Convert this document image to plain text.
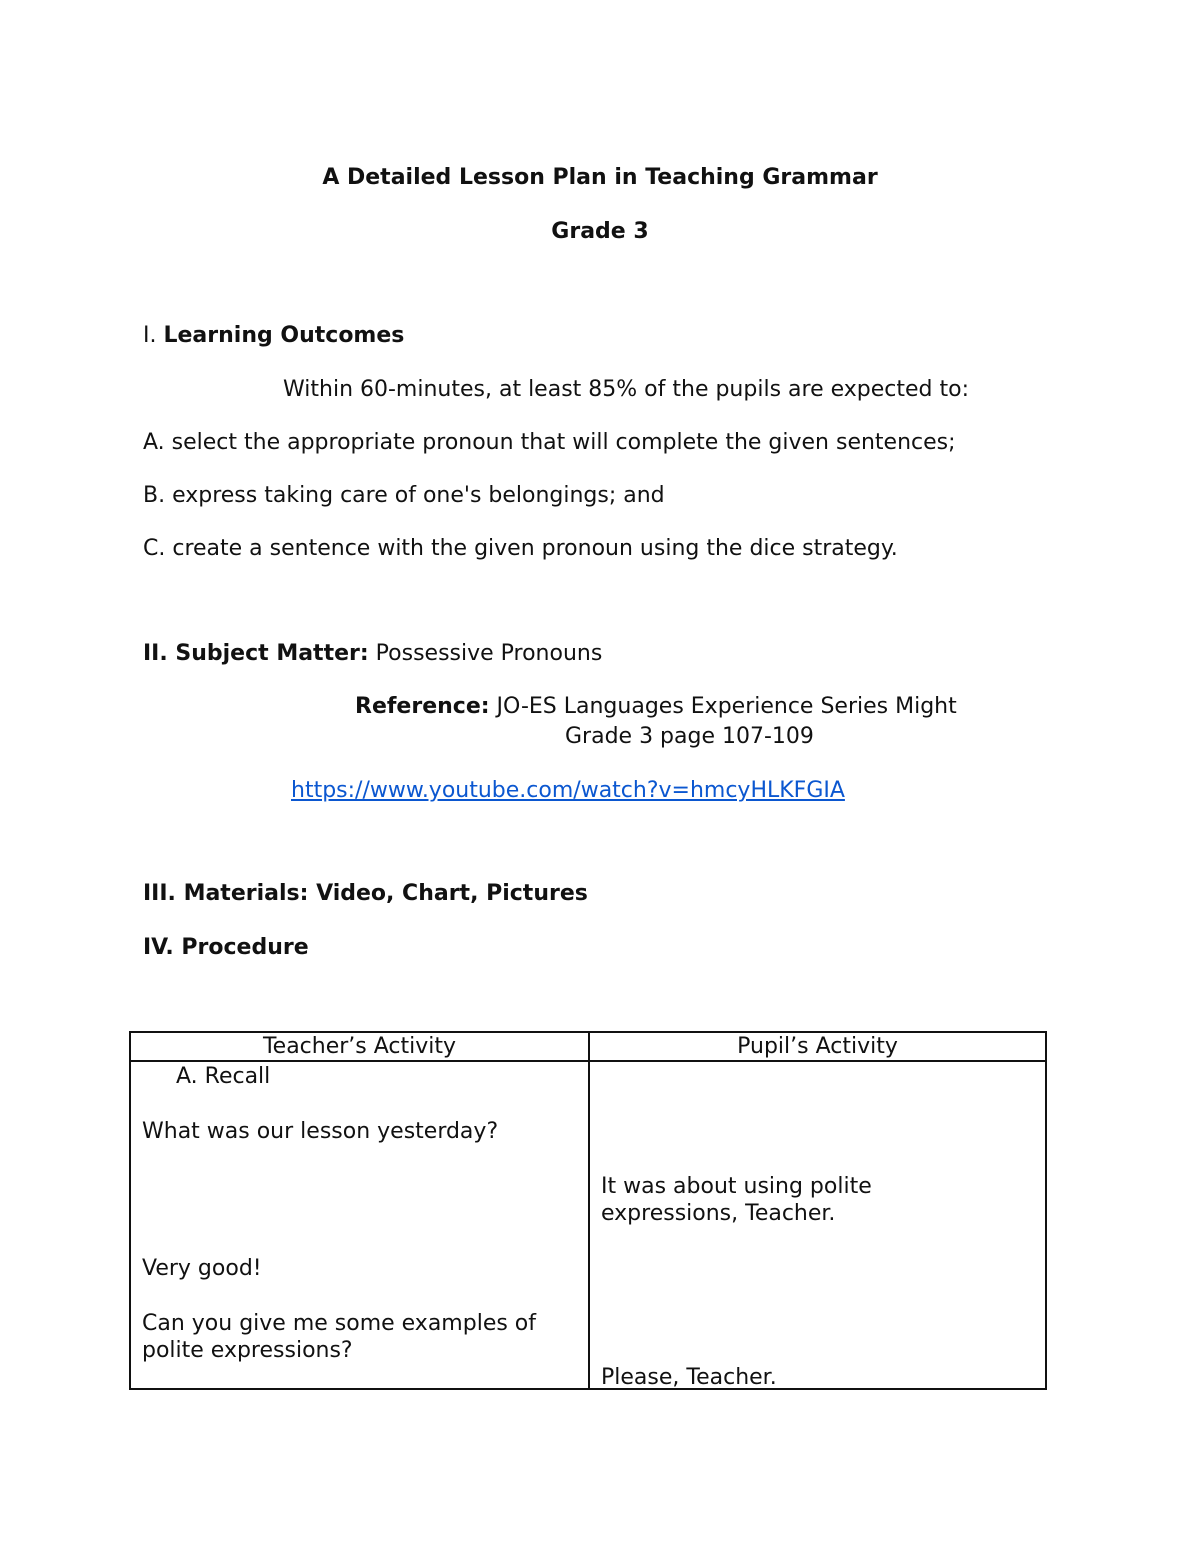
A Detailed Lesson Plan in Teaching Grammar
Grade 3
I. Learning Outcomes
Within 60-minutes, at least 85% of the pupils are expected to:
A. select the appropriate pronoun that will complete the given sentences;
B. express taking care of one's belongings; and
C. create a sentence with the given pronoun using the dice strategy.
II. Subject Matter: Possessive Pronouns
Reference: JO-ES Languages Experience Series Might
Grade 3 page 107-109
https://www.youtube.com/watch?v=hmcyHLKFGIA
III. Materials: Video, Chart, Pictures
IV. Procedure
Teacher’s Activity	Pupil’s Activity
A. Recall
What was our lesson yesterday?
Very good!
Can you give me some examples of
polite expressions?
It was about using polite
expressions, Teacher.
Please, Teacher.
